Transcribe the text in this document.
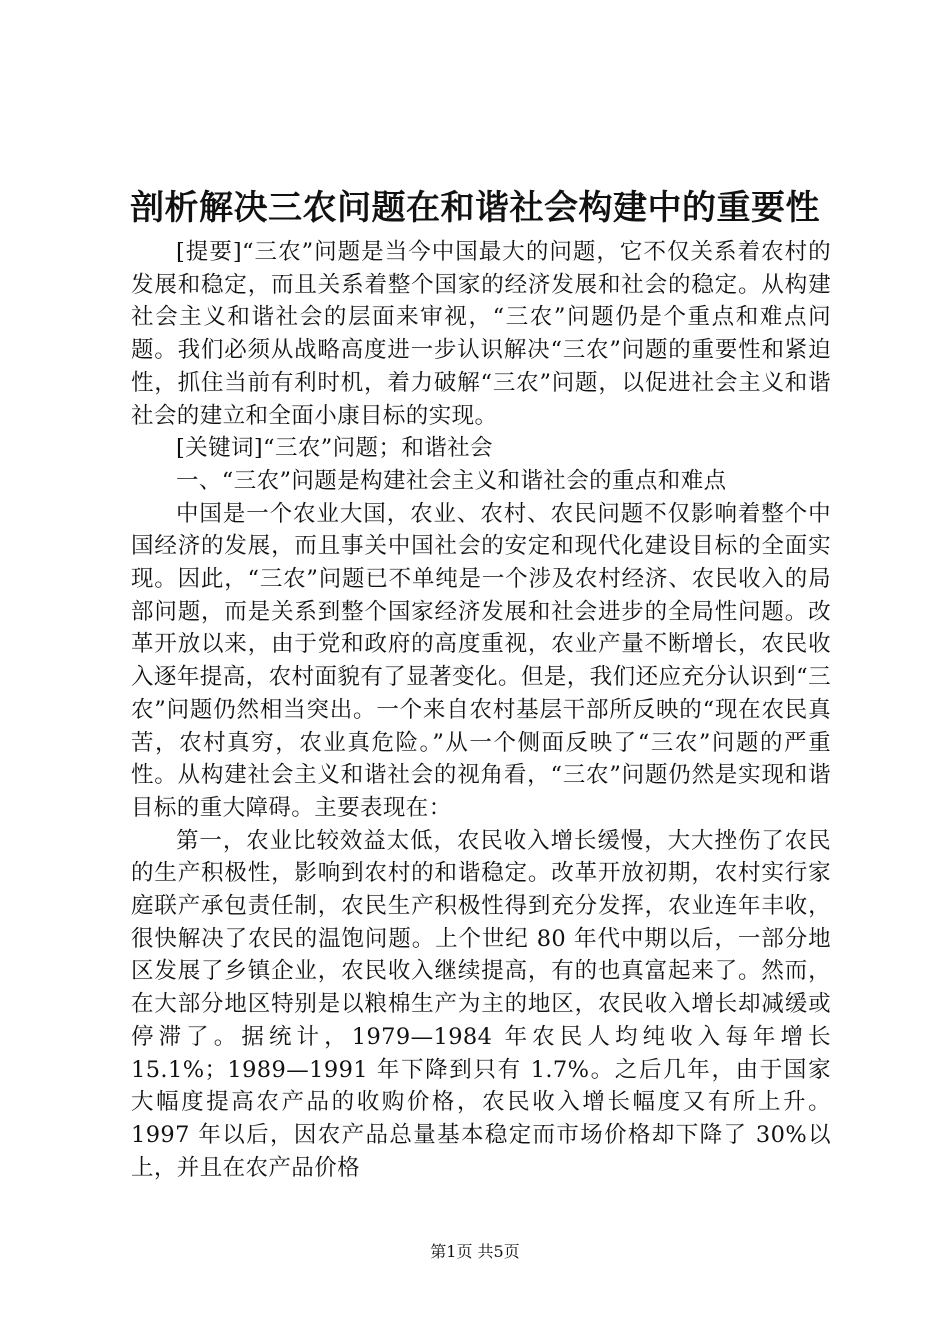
剖析解决三农问题在和谐社会构建中的重要性

[提要]“三农”问题是当今中国最大的问题，它不仅关系着农村的发展和稳定，而且关系着整个国家的经济发展和社会的稳定。从构建社会主义和谐社会的层面来审视，“三农”问题仍是个重点和难点问题。我们必须从战略高度进一步认识解决“三农”问题的重要性和紧迫性，抓住当前有利时机，着力破解“三农”问题，以促进社会主义和谐社会的建立和全面小康目标的实现。

[关键词]“三农”问题；和谐社会

一、“三农”问题是构建社会主义和谐社会的重点和难点

中国是一个农业大国，农业、农村、农民问题不仅影响着整个中国经济的发展，而且事关中国社会的安定和现代化建设目标的全面实现。因此，“三农”问题已不单纯是一个涉及农村经济、农民收入的局部问题，而是关系到整个国家经济发展和社会进步的全局性问题。改革开放以来，由于党和政府的高度重视，农业产量不断增长，农民收入逐年提高，农村面貌有了显著变化。但是，我们还应充分认识到“三农”问题仍然相当突出。一个来自农村基层干部所反映的“现在农民真苦，农村真穷，农业真危险。”从一个侧面反映了“三农”问题的严重性。从构建社会主义和谐社会的视角看，“三农”问题仍然是实现和谐目标的重大障碍。主要表现在：

第一，农业比较效益太低，农民收入增长缓慢，大大挫伤了农民的生产积极性，影响到农村的和谐稳定。改革开放初期，农村实行家庭联产承包责任制，农民生产积极性得到充分发挥，农业连年丰收，很快解决了农民的温饱问题。上个世纪 80 年代中期以后，一部分地区发展了乡镇企业，农民收入继续提高，有的也真富起来了。然而，在大部分地区特别是以粮棉生产为主的地区，农民收入增长却减缓或停滞了。据统计，1979—1984 年农民人均纯收入每年增长 15.1%；1989—1991 年下降到只有 1.7%。之后几年，由于国家大幅度提高农产品的收购价格，农民收入增长幅度又有所上升。1997 年以后，因农产品总量基本稳定而市场价格却下降了 30%以上，并且在农产品价格

第1页 共5页
